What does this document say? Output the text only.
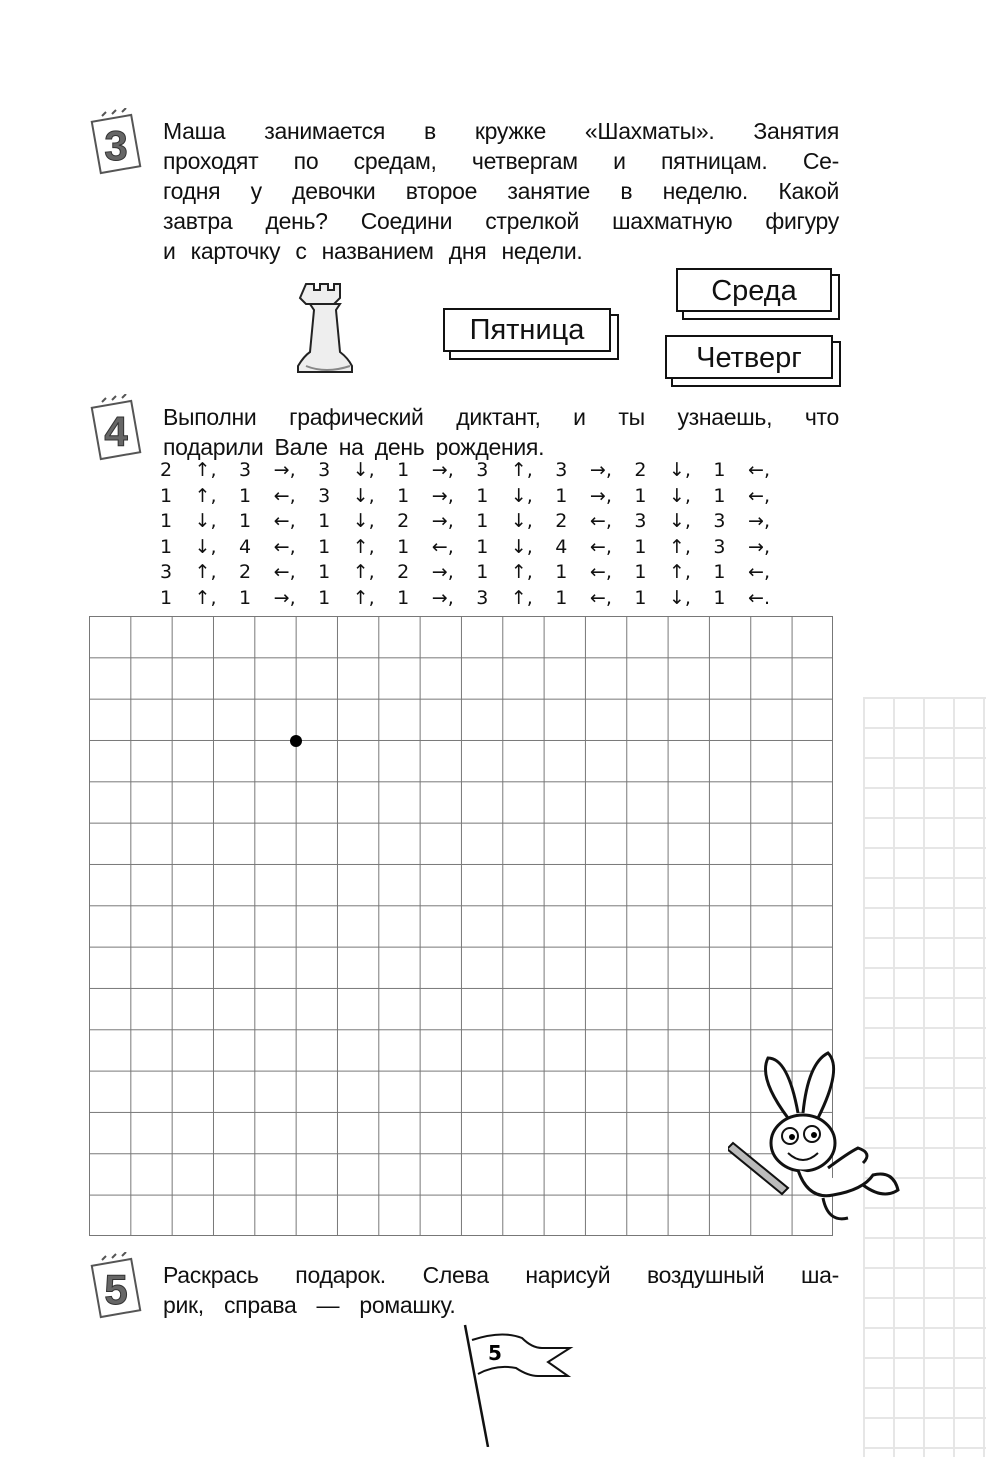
3 Маша занимается в кружке «Шахматы». Занятия
проходят по средам, четвергам и пятницам. Се-
годня у девочки второе занятие в неделю. Какой
завтра день? Соедини стрелкой шахматную фигуру
и карточку с названием дня недели.
Пятница
Среда
Четверг
4 Выполни графический диктант, и ты узнаешь, что
подарили Вале на день рождения.
2 ↑, 3 →, 3 ↓, 1 →, 3 ↑, 3 →, 2 ↓, 1 ←,
1 ↑, 1 ←, 3 ↓, 1 →, 1 ↓, 1 →, 1 ↓, 1 ←,
1 ↓, 1 ←, 1 ↓, 2 →, 1 ↓, 2 ←, 3 ↓, 3 →,
1 ↓, 4 ←, 1 ↑, 1 ←, 1 ↓, 4 ←, 1 ↑, 3 →,
3 ↑, 2 ←, 1 ↑, 2 →, 1 ↑, 1 ←, 1 ↑, 1 ←,
1 ↑, 1 →, 1 ↑, 1 →, 3 ↑, 1 ←, 1 ↓, 1 ←.
5 Раскрась подарок. Слева нарисуй воздушный ша-
рик, справа — ромашку.
5
